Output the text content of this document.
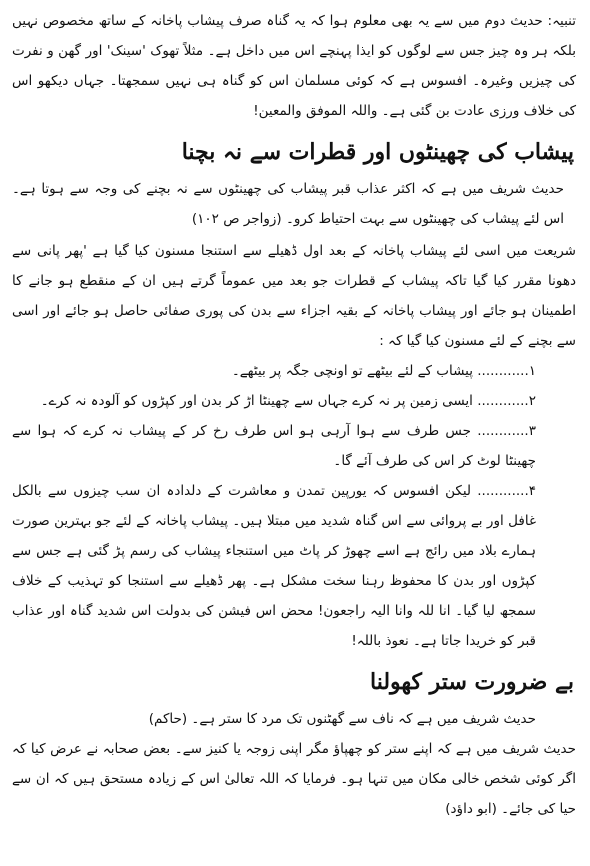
تنبیہ: حدیث دوم میں سے یہ بھی معلوم ہوا کہ یہ گناہ صرف پیشاب پاخانہ کے ساتھ مخصوص نہیں بلکہ ہر وہ چیز جس سے لوگوں کو ایذا پہنچے اس میں داخل ہے۔ مثلاً تھوک 'سینک' اور گھن و نفرت کی چیزیں وغیرہ۔ افسوس ہے کہ کوئی مسلمان اس کو گناہ ہی نہیں سمجھتا۔ جہاں دیکھو اس کی خلاف ورزی عادت بن گئی ہے۔ واللہ الموفق والمعین!

پیشاب کی چھینٹوں اور قطرات سے نہ بچنا

حدیث شریف میں ہے کہ اکثر عذاب قبر پیشاب کی چھینٹوں سے نہ بچنے کی وجہ سے ہوتا ہے۔ اس لئے پیشاب کی چھینٹوں سے بہت احتیاط کرو۔ (زواجر ص ۱۰۲)

شریعت میں اسی لئے پیشاب پاخانہ کے بعد اول ڈھیلے سے استنجا مسنون کیا گیا ہے 'پھر پانی سے دھونا مقرر کیا گیا تاکہ پیشاب کے قطرات جو بعد میں عموماً گرتے ہیں ان کے منقطع ہو جانے کا اطمینان ہو جائے اور پیشاب پاخانہ کے بقیہ اجزاء سے بدن کی پوری صفائی حاصل ہو جائے اور اسی سے بچنے کے لئے مسنون کیا گیا کہ :

۱............ پیشاب کے لئے بیٹھے تو اونچی جگہ پر بیٹھے۔
۲............ ایسی زمین پر نہ کرے جہاں سے چھینٹا اڑ کر بدن اور کپڑوں کو آلودہ نہ کرے۔

۳............ جس طرف سے ہوا آرہی ہو اس طرف رخ کر کے پیشاب نہ کرے کہ ہوا سے چھینٹا لوٹ کر اس کی طرف آئے گا۔

۴............ لیکن افسوس کہ یورپین تمدن و معاشرت کے دلدادہ ان سب چیزوں سے بالکل غافل اور بے پروائی سے اس گناہ شدید میں مبتلا ہیں۔ پیشاب پاخانہ کے لئے جو بہترین صورت ہمارے بلاد میں رائج ہے اسے چھوڑ کر پاٹ میں استنجاء پیشاب کی رسم پڑ گئی ہے جس سے کپڑوں اور بدن کا محفوظ رہنا سخت مشکل ہے۔ پھر ڈھیلے سے استنجا کو تہذیب کے خلاف سمجھ لیا گیا۔ انا للہ وانا الیہ راجعون! محض اس فیشن کی بدولت اس شدید گناہ اور عذاب قبر کو خریدا جاتا ہے۔ نعوذ باللہ!

بے ضرورت ستر کھولنا

حدیث شریف میں ہے کہ ناف سے گھٹنوں تک مرد کا ستر ہے۔ (حاکم)

حدیث شریف میں ہے کہ اپنے ستر کو چھپاؤ مگر اپنی زوجہ یا کنیز سے۔ بعض صحابہ نے عرض کیا کہ اگر کوئی شخص خالی مکان میں تنہا ہو۔ فرمایا کہ اللہ تعالیٰ اس کے زیادہ مستحق ہیں کہ ان سے حیا کی جائے۔ (ابو داؤد)
